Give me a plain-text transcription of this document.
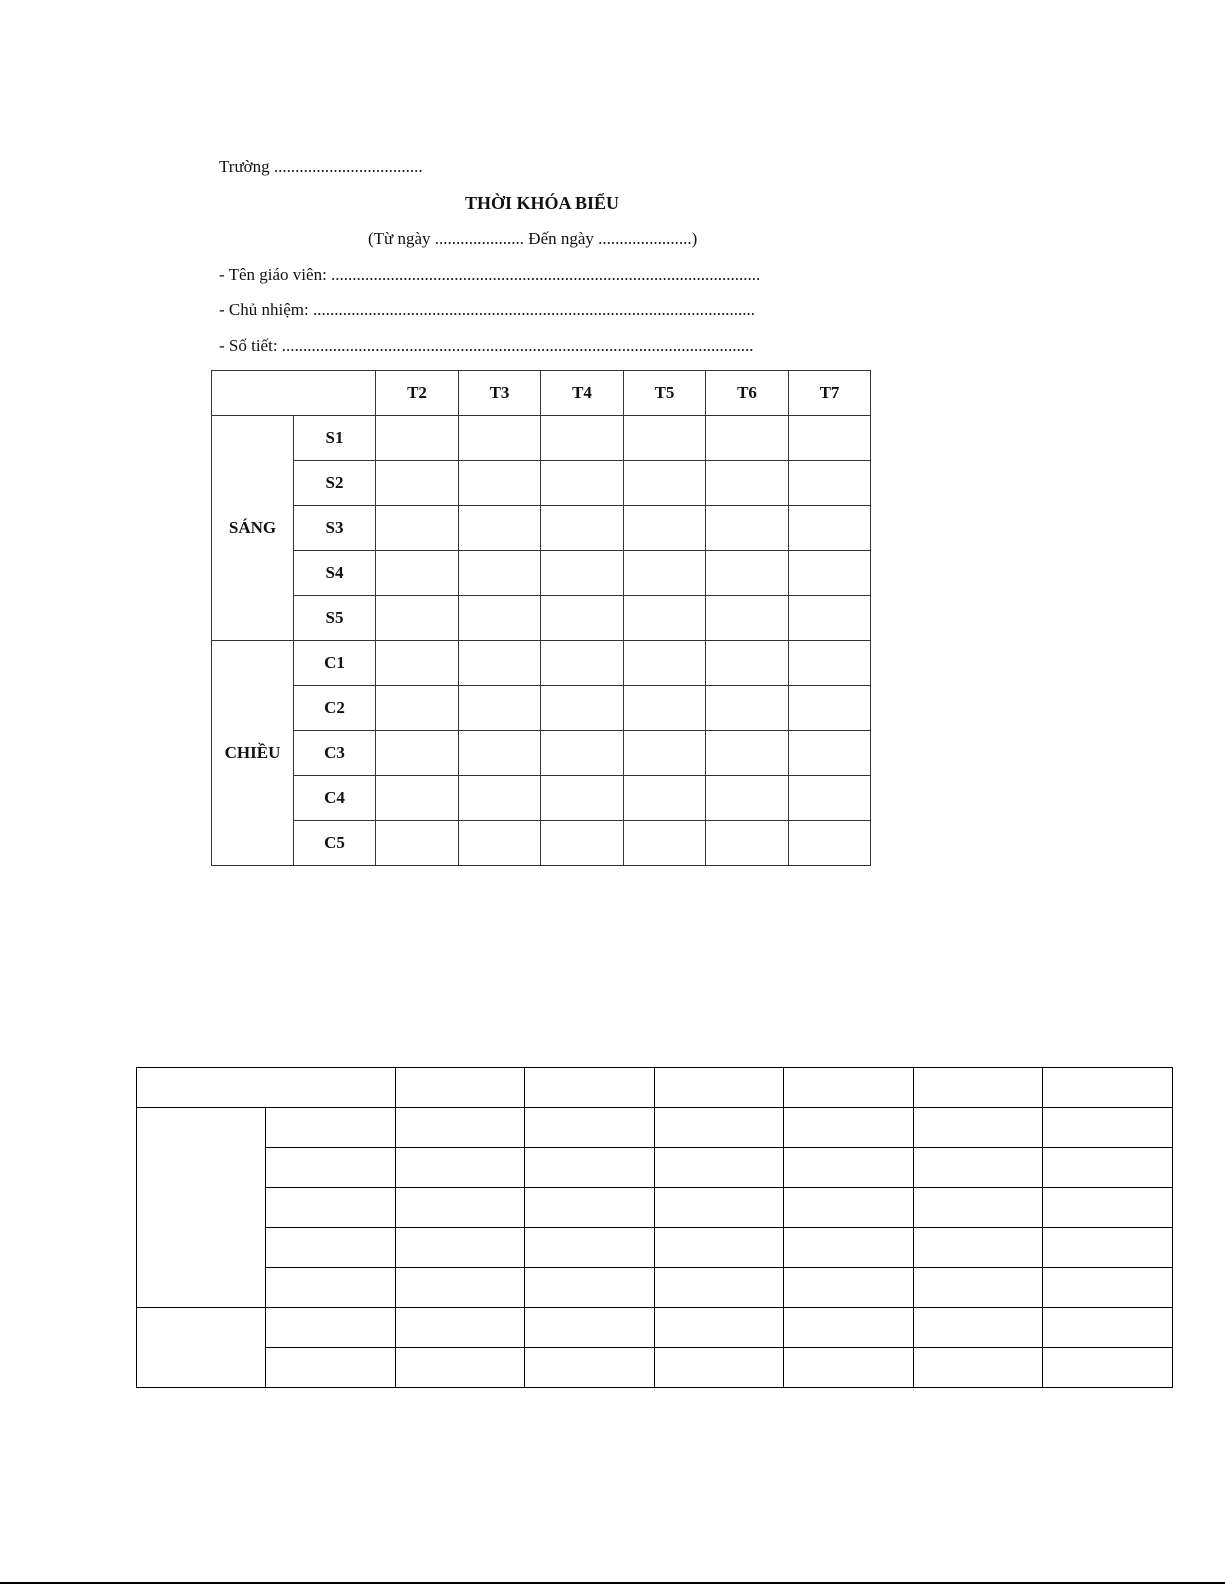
Trường ...................................
THỜI KHÓA BIỂU
(Từ ngày ..................... Đến ngày ......................)
- Tên giáo viên: .....................................................................................................
- Chủ nhiệm: ........................................................................................................
- Số tiết: ...............................................................................................................
		T2	T3	T4	T5	T6	T7
SÁNG	S1						
	S2						
	S3						
	S4						
	S5						
CHIỀU	C1						
	C2						
	C3						
	C4						
	C5						
